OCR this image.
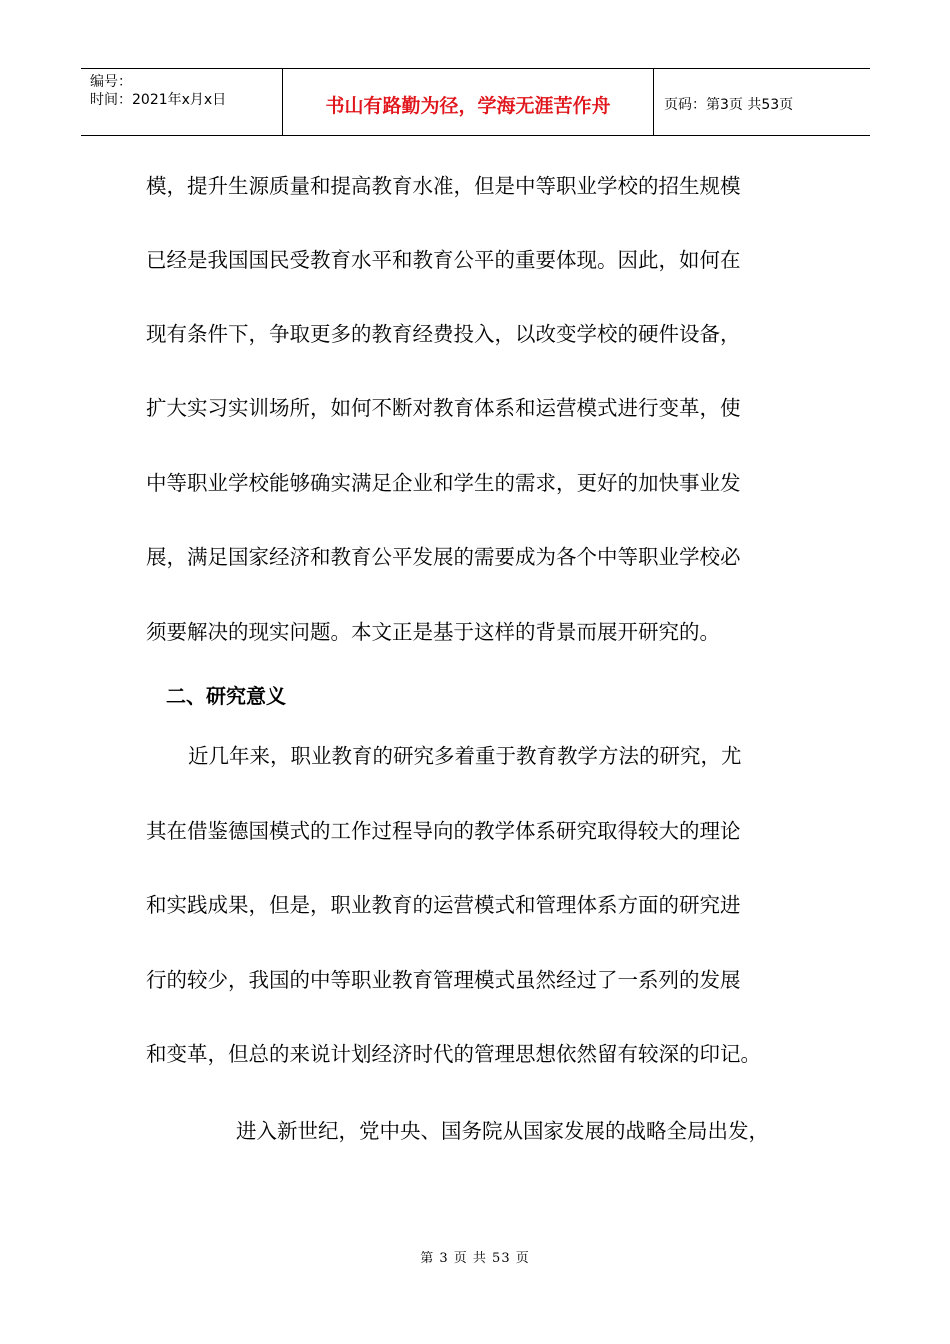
编号：
时间：2021年x月x日	书山有路勤为径，学海无涯苦作舟	页码：第3页 共53页
模，提升生源质量和提高教育水准，但是中等职业学校的招生规模
已经是我国国民受教育水平和教育公平的重要体现。因此，如何在
现有条件下，争取更多的教育经费投入，以改变学校的硬件设备，
扩大实习实训场所，如何不断对教育体系和运营模式进行变革，使
中等职业学校能够确实满足企业和学生的需求，更好的加快事业发
展，满足国家经济和教育公平发展的需要成为各个中等职业学校必
须要解决的现实问题。本文正是基于这样的背景而展开研究的。
二、研究意义
近几年来，职业教育的研究多着重于教育教学方法的研究，尤
其在借鉴德国模式的工作过程导向的教学体系研究取得较大的理论
和实践成果，但是，职业教育的运营模式和管理体系方面的研究进
行的较少，我国的中等职业教育管理模式虽然经过了一系列的发展
和变革，但总的来说计划经济时代的管理思想依然留有较深的印记。
进入新世纪，党中央、国务院从国家发展的战略全局出发，
第 3 页 共 53 页
